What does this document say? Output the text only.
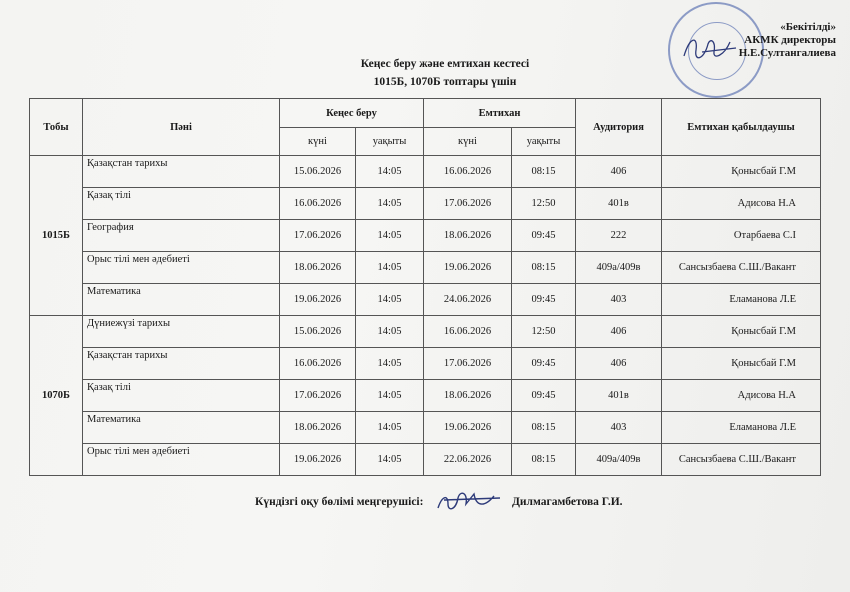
«Бекітілді»
АКМК директоры
Н.Е.Султангалиева
Кеңес беру және емтихан кестесі
1015Б, 1070Б топтары үшін
Тобы	Пәні	Кеңес беру		Емтихан		Аудитория	Емтихан қабылдаушы
		күні	уақыты	күні	уақыты		
1015Б	Қазақстан тарихы	15.06.2026	14:05	16.06.2026	08:15	406	Қонысбай Г.М
	Қазақ тілі	16.06.2026	14:05	17.06.2026	12:50	401в	Адисова Н.А
	География	17.06.2026	14:05	18.06.2026	09:45	222	Отарбаева С.І
	Орыс тілі мен әдебиеті	18.06.2026	14:05	19.06.2026	08:15	409а/409в	Сансызбаева С.Ш./Вакант
	Математика	19.06.2026	14:05	24.06.2026	09:45	403	Еламанова Л.Е
1070Б	Дүниежүзі тарихы	15.06.2026	14:05	16.06.2026	12:50	406	Қонысбай Г.М
	Қазақстан тарихы	16.06.2026	14:05	17.06.2026	09:45	406	Қонысбай Г.М
	Қазақ тілі	17.06.2026	14:05	18.06.2026	09:45	401в	Адисова Н.А
	Математика	18.06.2026	14:05	19.06.2026	08:15	403	Еламанова Л.Е
	Орыс тілі мен әдебиеті	19.06.2026	14:05	22.06.2026	08:15	409а/409в	Сансызбаева С.Ш./Вакант
Күндізгі оқу бөлімі меңгерушісі:	Дилмагамбетова Г.И.
